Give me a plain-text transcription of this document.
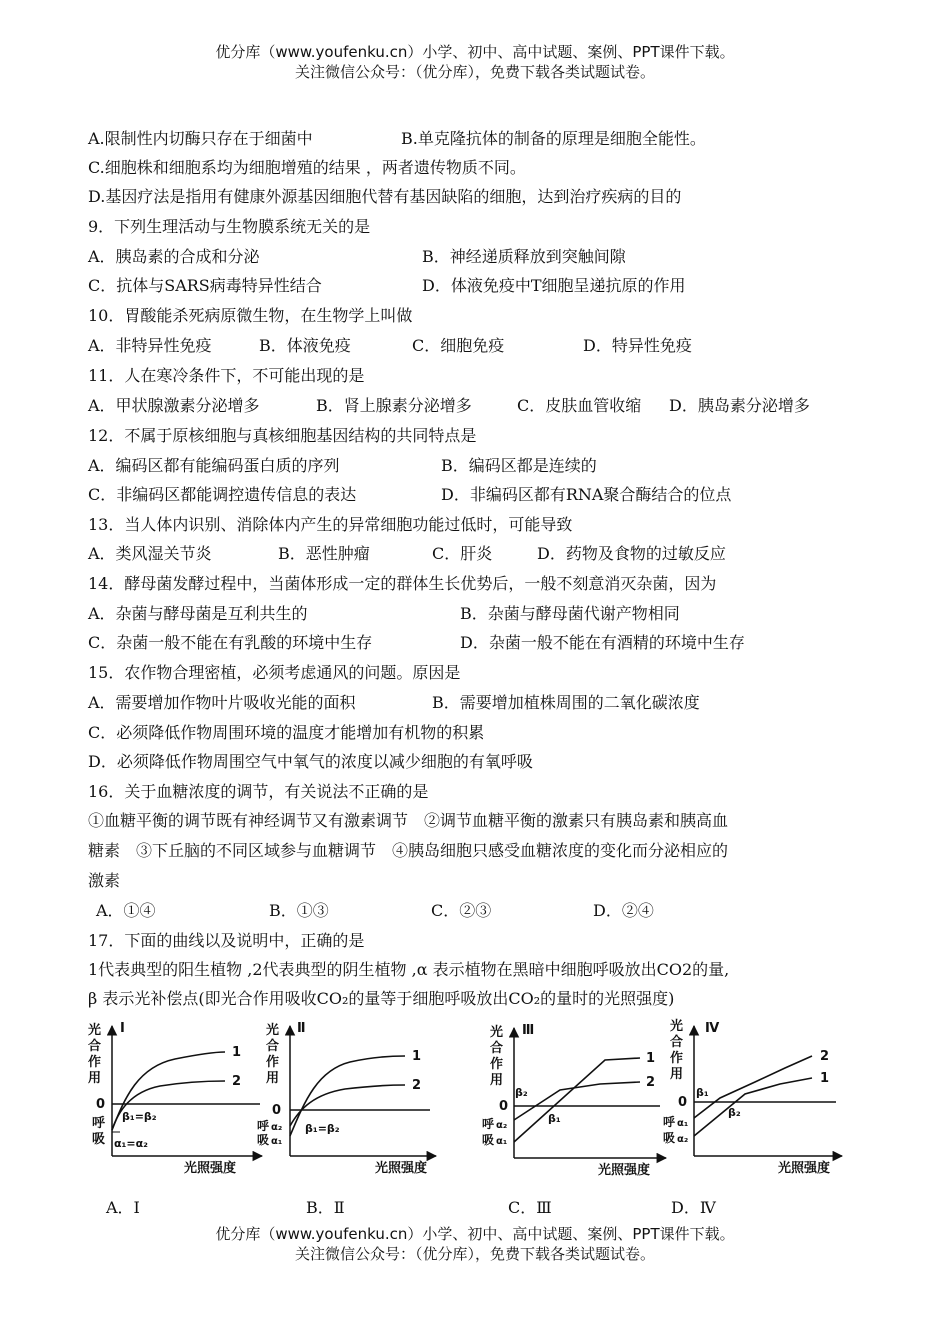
优分库（www.youfenku.cn）小学、初中、高中试题、案例、PPT课件下载。
关注微信公众号：（优分库），免费下载各类试题试卷。
A.限制性内切酶只存在于细菌中	B.单克隆抗体的制备的原理是细胞全能性。
C.细胞株和细胞系均为细胞增殖的结果 ，两者遗传物质不同。
D.基因疗法是指用有健康外源基因细胞代替有基因缺陷的细胞，达到治疗疾病的目的
9．下列生理活动与生物膜系统无关的是
A．胰岛素的合成和分泌	B．神经递质释放到突触间隙
C．抗体与SARS病毒特异性结合	D．体液免疫中T细胞呈递抗原的作用
10．胃酸能杀死病原微生物，在生物学上叫做
A．非特异性免疫	B．体液免疫	C．细胞免疫	D．特异性免疫
11．人在寒冷条件下，不可能出现的是
A．甲状腺激素分泌增多	B．肾上腺素分泌增多	C．皮肤血管收缩 D．胰岛素分泌增多
12．不属于原核细胞与真核细胞基因结构的共同特点是
A．编码区都有能编码蛋白质的序列	B．编码区都是连续的
C．非编码区都能调控遗传信息的表达	D．非编码区都有RNA聚合酶结合的位点
13．当人体内识别、消除体内产生的异常细胞功能过低时，可能导致
A．类风湿关节炎	B．恶性肿瘤	C．肝炎	D．药物及食物的过敏反应
14．酵母菌发酵过程中，当菌体形成一定的群体生长优势后，一般不刻意消灭杂菌，因为
A．杂菌与酵母菌是互利共生的	B．杂菌与酵母菌代谢产物相同
C．杂菌一般不能在有乳酸的环境中生存	D．杂菌一般不能在有酒精的环境中生存
15．农作物合理密植，必须考虑通风的问题。原因是
A．需要增加作物叶片吸收光能的面积	B．需要增加植株周围的二氧化碳浓度
C．必须降低作物周围环境的温度才能增加有机物的积累
D．必须降低作物周围空气中氧气的浓度以减少细胞的有氧呼吸
16．关于血糖浓度的调节，有关说法不正确的是
①血糖平衡的调节既有神经调节又有激素调节　②调节血糖平衡的激素只有胰岛素和胰高血
糖素　③下丘脑的不同区域参与血糖调节　④胰岛细胞只感受血糖浓度的变化而分泌相应的
激素
A．①④	B．①③	C．②③	D．②④
17．下面的曲线以及说明中，正确的是
1代表典型的阳生植物 ,2代表典型的阴生植物 ,α 表示植物在黑暗中细胞呼吸放出CO2的量,
β 表示光补偿点(即光合作用吸收CO₂的量等于细胞呼吸放出CO₂的量时的光照强度)
光
合
作
用
Ⅰ
0
呼
吸
1
2
β₁=β₂
α₁=α₂
光照强度
光
合
作
用
Ⅱ
0
呼
吸
α₂
α₁
1
2
β₁=β₂
光照强度
光
合
作
用
Ⅲ
0
呼
吸
α₂
α₁
1
2
β₂
β₁
光照强度
光
合
作
用
Ⅳ
0
呼
吸
α₁
α₂
1
2
β₁
β₂
光照强度
A．Ⅰ	B．Ⅱ	C．Ⅲ	D．Ⅳ
优分库（www.youfenku.cn）小学、初中、高中试题、案例、PPT课件下载。
关注微信公众号：（优分库），免费下载各类试题试卷。
